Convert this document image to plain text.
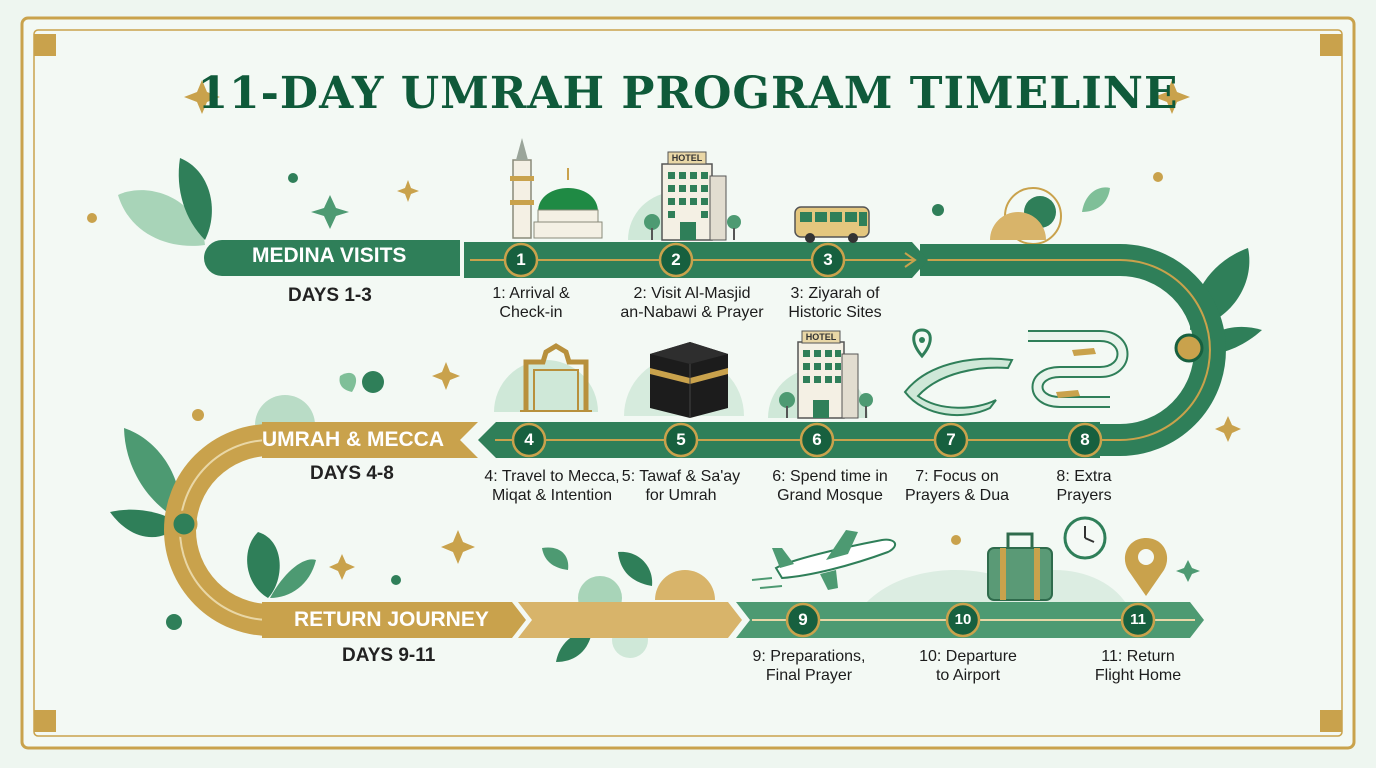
HOTEL
HOTEL
11-DAY UMRAH PROGRAM TIMELINE
MEDINA VISITS
DAYS 1-3
UMRAH & MECCA
DAYS 4-8
RETURN JOURNEY
DAYS 9-11
1	2	3
4	5	6	7	8
9	10	11
1: Arrival &
Check-in
2: Visit Al-Masjid
an-Nabawi & Prayer
3: Ziyarah of
Historic Sites
4: Travel to Mecca,
Miqat & Intention
5: Tawaf & Sa'ay
for Umrah
6: Spend time in
Grand Mosque
7: Focus on
Prayers & Dua
8: Extra
Prayers
9: Preparations,
Final Prayer
10: Departure
to Airport
11: Return
Flight Home
